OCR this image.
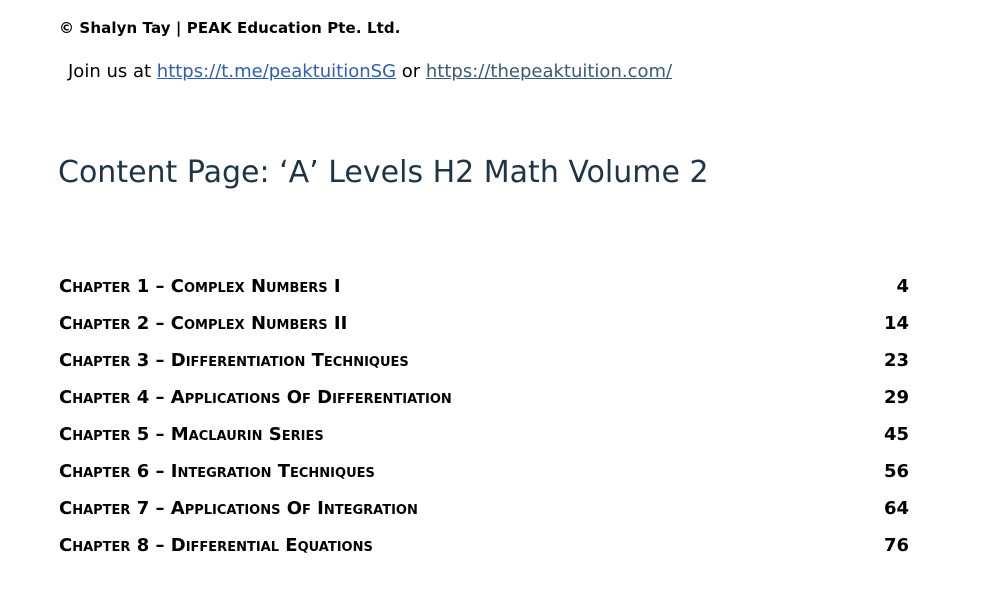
© Shalyn Tay | PEAK Education Pte. Ltd.
Join us at https://t.me/peaktuitionSG or https://thepeaktuition.com/
Content Page: ‘A’ Levels H2 Math Volume 2
Chapter 1 – Complex Numbers I	4
Chapter 2 – Complex Numbers II	14
Chapter 3 – Differentiation Techniques	23
Chapter 4 – Applications Of Differentiation	29
Chapter 5 – Maclaurin Series	45
Chapter 6 – Integration Techniques	56
Chapter 7 – Applications Of Integration	64
Chapter 8 – Differential Equations	76
